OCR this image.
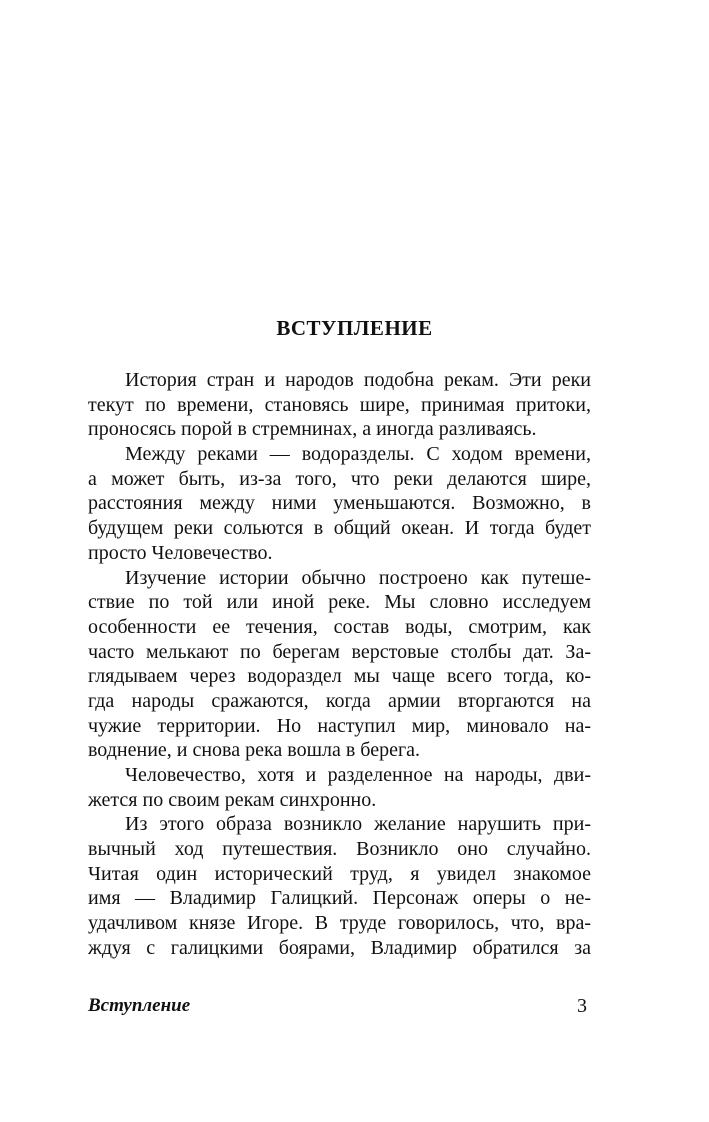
ВСТУПЛЕНИЕ
История стран и народов подобна рекам. Эти реки
текут по времени, становясь шире, принимая притоки,
проносясь порой в стремнинах, а иногда разливаясь.
Между реками — водоразделы. С ходом времени,
а может быть, из-за того, что реки делаются шире,
расстояния между ними уменьшаются. Возможно, в
будущем реки сольются в общий океан. И тогда будет
просто Человечество.
Изучение истории обычно построено как путеше-
ствие по той или иной реке. Мы словно исследуем
особенности ее течения, состав воды, смотрим, как
часто мелькают по берегам верстовые столбы дат. За-
глядываем через водораздел мы чаще всего тогда, ко-
гда народы сражаются, когда армии вторгаются на
чужие территории. Но наступил мир, миновало на-
воднение, и снова река вошла в берега.
Человечество, хотя и разделенное на народы, дви-
жется по своим рекам синхронно.
Из этого образа возникло желание нарушить при-
вычный ход путешествия. Возникло оно случайно.
Читая один исторический труд, я увидел знакомое
имя — Владимир Галицкий. Персонаж оперы о не-
удачливом князе Игоре. В труде говорилось, что, вра-
ждуя с галицкими боярами, Владимир обратился за
Вступление	3
